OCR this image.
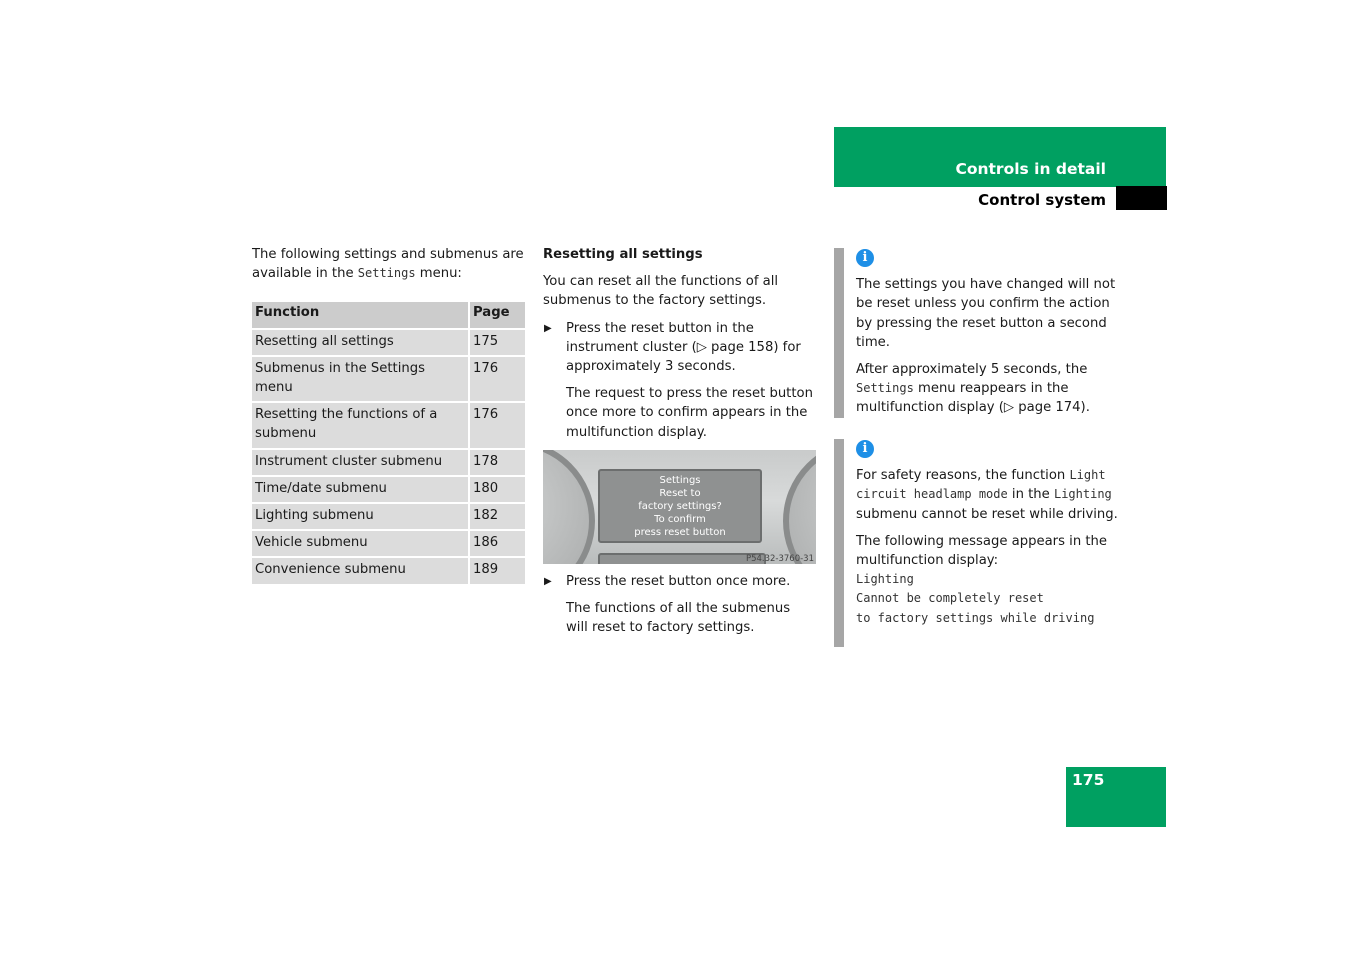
Controls in detail
Control system

The following settings and submenus are available in the Settings menu:

Function	Page
Resetting all settings	175
Submenus in the Settings menu	176
Resetting the functions of a submenu	176
Instrument cluster submenu	178
Time/date submenu	180
Lighting submenu	182
Vehicle submenu	186
Convenience submenu	189
Resetting all settings

You can reset all the functions of all submenus to the factory settings.

▶ Press the reset button in the instrument cluster (▷ page 158) for approximately 3 seconds.

The request to press the reset button once more to confirm appears in the multifunction display.

Settings
Reset to
factory settings?
To confirm
press reset button
P54.32-3760-31
▶ Press the reset button once more.

The functions of all the submenus will reset to factory settings.

i

The settings you have changed will not be reset unless you confirm the action by pressing the reset button a second time.

After approximately 5 seconds, the Settings menu reappears in the multifunction display (▷ page 174).

i

For safety reasons, the function Light circuit headlamp mode in the Lighting submenu cannot be reset while driving.

The following message appears in the multifunction display:

Lighting
Cannot be completely reset
to factory settings while driving
175
